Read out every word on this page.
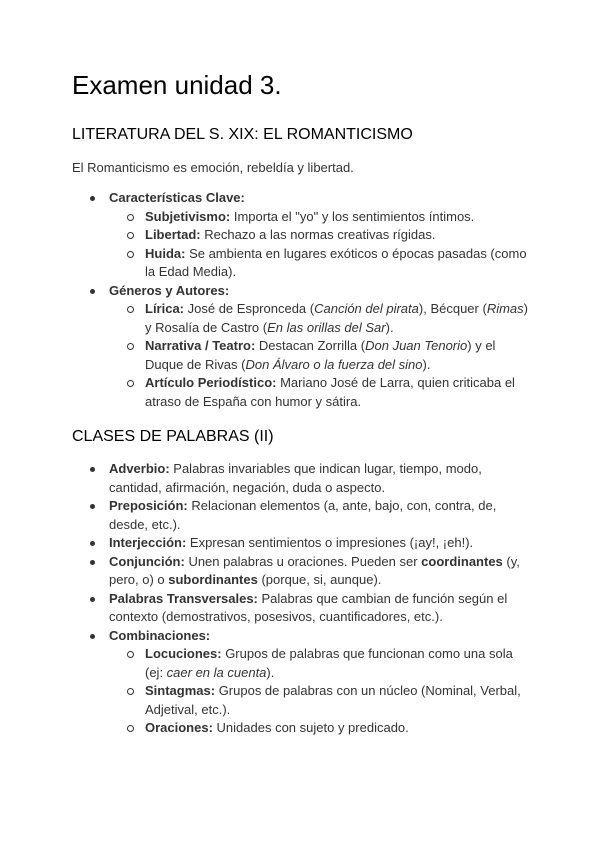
Examen unidad 3.
LITERATURA DEL S. XIX: EL ROMANTICISMO

El Romanticismo es emoción, rebeldía y libertad.

Características Clave:
Subjetivismo: Importa el "yo" y los sentimientos íntimos.
Libertad: Rechazo a las normas creativas rígidas.
Huida: Se ambienta en lugares exóticos o épocas pasadas (como la Edad Media).
Géneros y Autores:
Lírica: José de Espronceda (Canción del pirata), Bécquer (Rimas) y Rosalía de Castro (En las orillas del Sar).
Narrativa / Teatro: Destacan Zorrilla (Don Juan Tenorio) y el Duque de Rivas (Don Álvaro o la fuerza del sino).
Artículo Periodístico: Mariano José de Larra, quien criticaba el atraso de España con humor y sátira.
CLASES DE PALABRAS (II)
Adverbio: Palabras invariables que indican lugar, tiempo, modo, cantidad, afirmación, negación, duda o aspecto.
Preposición: Relacionan elementos (a, ante, bajo, con, contra, de, desde, etc.).
Interjección: Expresan sentimientos o impresiones (¡ay!, ¡eh!).
Conjunción: Unen palabras u oraciones. Pueden ser coordinantes (y, pero, o) o subordinantes (porque, si, aunque).
Palabras Transversales: Palabras que cambian de función según el contexto (demostrativos, posesivos, cuantificadores, etc.).
Combinaciones:
Locuciones: Grupos de palabras que funcionan como una sola (ej: caer en la cuenta).
Sintagmas: Grupos de palabras con un núcleo (Nominal, Verbal, Adjetival, etc.).
Oraciones: Unidades con sujeto y predicado.
